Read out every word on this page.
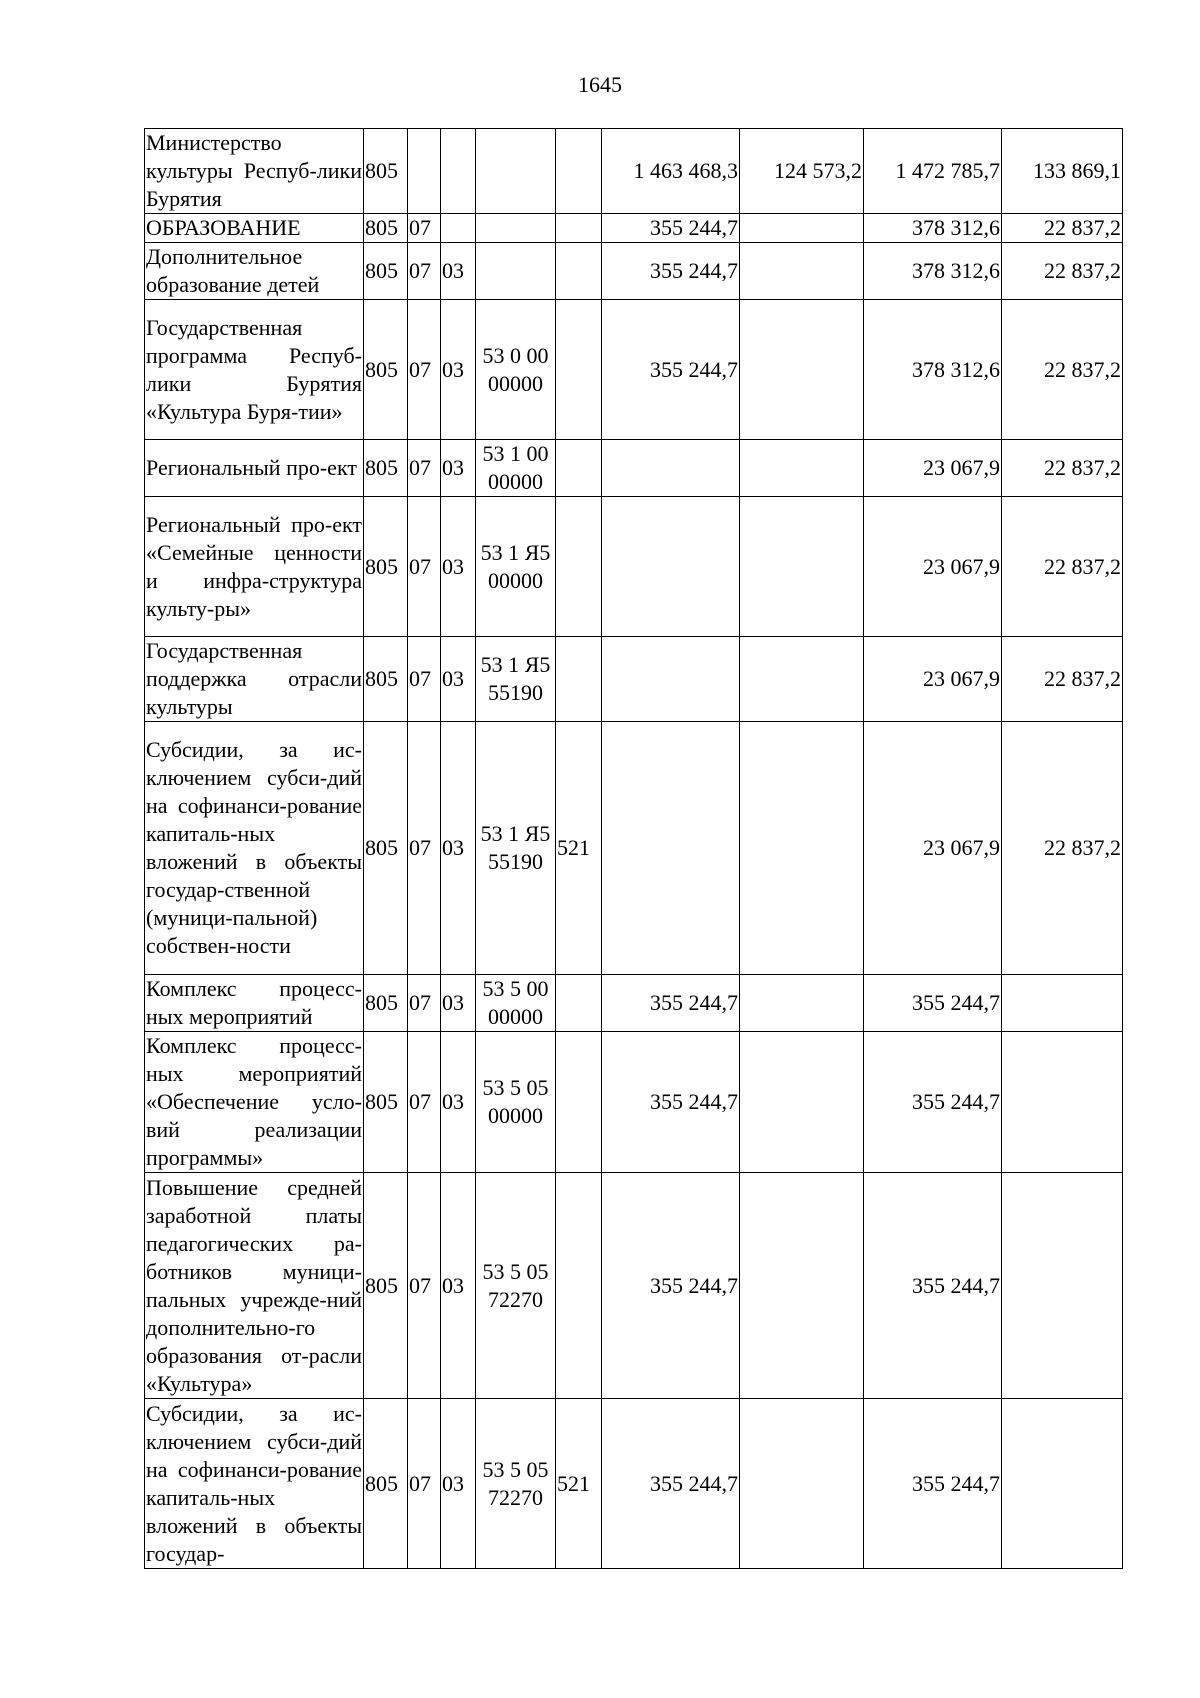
1645
Министерство культуры Респуб-лики Бурятия	805					1 463 468,3	124 573,2	1 472 785,7	133 869,1
ОБРАЗОВАНИЕ	805	07				355 244,7		378 312,6	22 837,2
Дополнительное образование детей	805	07	03			355 244,7		378 312,6	22 837,2
Государственная программа Респуб-лики Бурятия «Культура Буря-тии»	805	07	03	53 0 00 00000		355 244,7		378 312,6	22 837,2
Региональный про-ект	805	07	03	53 1 00 00000				23 067,9	22 837,2
Региональный про-ект «Семейные ценности и инфра-структура культу-ры»	805	07	03	53 1 Я5 00000				23 067,9	22 837,2
Государственная поддержка отрасли культуры	805	07	03	53 1 Я5 55190				23 067,9	22 837,2
Субсидии, за ис-ключением субси-дий на софинанси-рование капиталь-ных вложений в объекты государ-ственной (муници-пальной) собствен-ности	805	07	03	53 1 Я5 55190	521			23 067,9	22 837,2
Комплекс процесс-ных мероприятий	805	07	03	53 5 00 00000		355 244,7		355 244,7	
Комплекс процесс-ных мероприятий «Обеспечение усло-вий реализации программы»	805	07	03	53 5 05 00000		355 244,7		355 244,7	
Повышение средней заработной платы педагогических ра-ботников муници-пальных учрежде-ний дополнительно-го образования от-расли «Культура»	805	07	03	53 5 05 72270		355 244,7		355 244,7	
Субсидии, за ис-ключением субси-дий на софинанси-рование капиталь-ных вложений в объекты государ-	805	07	03	53 5 05 72270	521	355 244,7		355 244,7	
